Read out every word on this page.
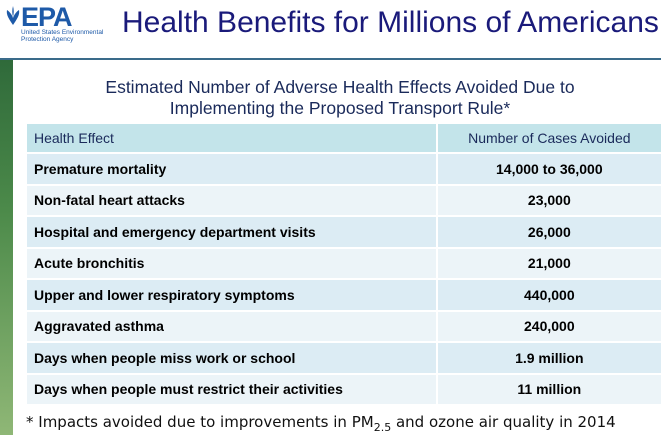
EPA
United States Environmental Protection Agency	Health Benefits for Millions of Americans
Estimated Number of Adverse Health Effects Avoided Due to
Implementing the Proposed Transport Rule*
Health Effect	Number of Cases Avoided
Premature mortality	14,000 to 36,000
Non-fatal heart attacks	23,000
Hospital and emergency department visits	26,000
Acute bronchitis	21,000
Upper and lower respiratory symptoms	440,000
Aggravated asthma	240,000
Days when people miss work or school	1.9 million
Days when people must restrict their activities	11 million
* Impacts avoided due to improvements in $PM_{2.5}$ and ozone air quality in 2014
